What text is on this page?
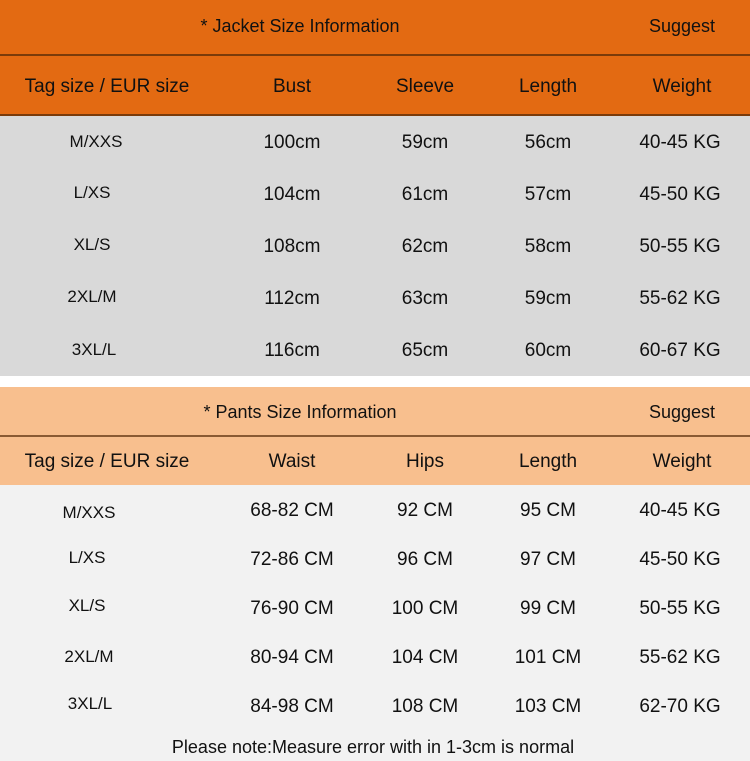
* Jacket Size Information	Suggest
Tag size / EUR size	Bust	Sleeve	Length	Weight
M/XXS	100cm	59cm	56cm	40-45 KG
L/XS	104cm	61cm	57cm	45-50 KG
XL/S	108cm	62cm	58cm	50-55 KG
2XL/M	112cm	63cm	59cm	55-62 KG
3XL/L	116cm	65cm	60cm	60-67 KG
* Pants Size Information	Suggest
Tag size / EUR size	Waist	Hips	Length	Weight
M/XXS	68-82 CM	92 CM	95 CM	40-45 KG
L/XS	72-86 CM	96 CM	97 CM	45-50 KG
XL/S	76-90 CM	100 CM	99 CM	50-55 KG
2XL/M	80-94 CM	104 CM	101 CM	55-62 KG
3XL/L	84-98 CM	108 CM	103 CM	62-70 KG
Please note:Measure error with in 1-3cm is normal
